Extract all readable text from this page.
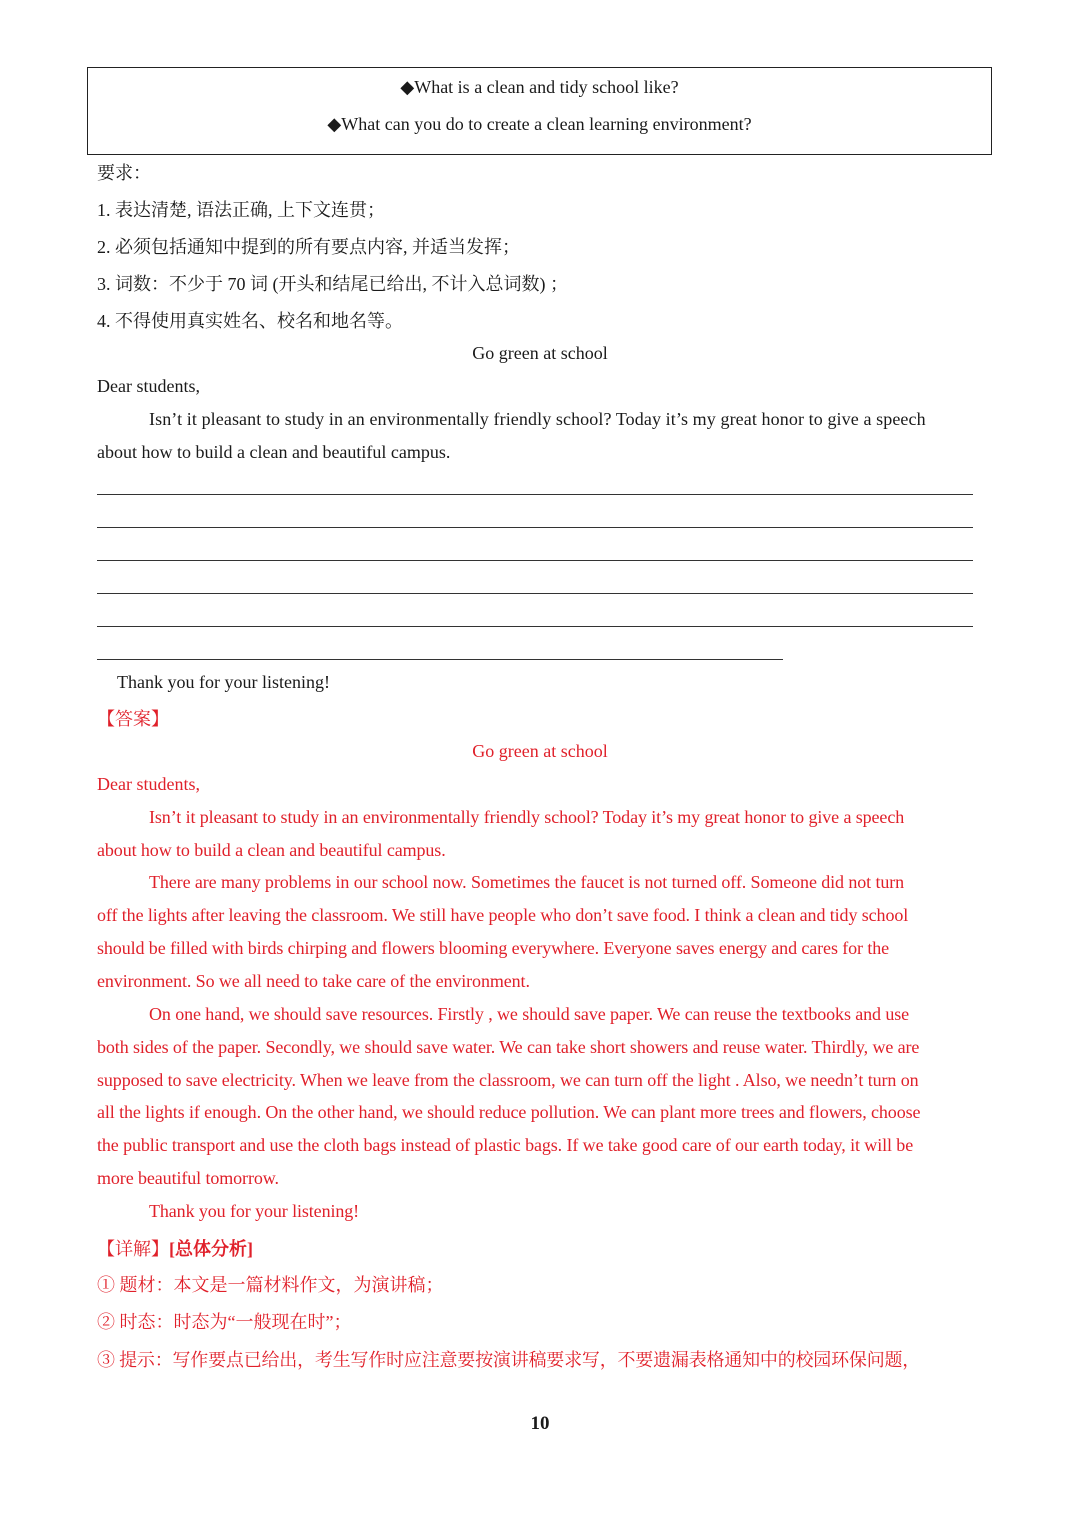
◆What is a clean and tidy school like?
◆What can you do to create a clean learning environment?
要求：
1. 表达清楚, 语法正确, 上下文连贯；
2. 必须包括通知中提到的所有要点内容, 并适当发挥；
3. 词数：不少于 70 词 (开头和结尾已给出, 不计入总词数) ；
4. 不得使用真实姓名、校名和地名等。
Go green at school
Dear students,
Isn’t it pleasant to study in an environmentally friendly school? Today it’s my great honor to give a speech
about how to build a clean and beautiful campus.
Thank you for your listening!
【答案】
Go green at school
Dear students,
Isn’t it pleasant to study in an environmentally friendly school? Today it’s my great honor to give a speech
about how to build a clean and beautiful campus.
There are many problems in our school now. Sometimes the faucet is not turned off. Someone did not turn
off the lights after leaving the classroom. We still have people who don’t save food. I think a clean and tidy school
should be filled with birds chirping and flowers blooming everywhere. Everyone saves energy and cares for the
environment. So we all need to take care of the environment.
On one hand, we should save resources. Firstly , we should save paper. We can reuse the textbooks and use
both sides of the paper. Secondly, we should save water. We can take short showers and reuse water. Thirdly, we are
supposed to save electricity. When we leave from the classroom, we can turn off the light . Also, we needn’t turn on
all the lights if enough. On the other hand, we should reduce pollution. We can plant more trees and flowers, choose
the public transport and use the cloth bags instead of plastic bags. If we take good care of our earth today, it will be
more beautiful tomorrow.
Thank you for your listening!
【详解】[总体分析]
① 题材：本文是一篇材料作文，为演讲稿；
② 时态：时态为“一般现在时”；
③ 提示：写作要点已给出，考生写作时应注意要按演讲稿要求写，不要遗漏表格通知中的校园环保问题，
10
